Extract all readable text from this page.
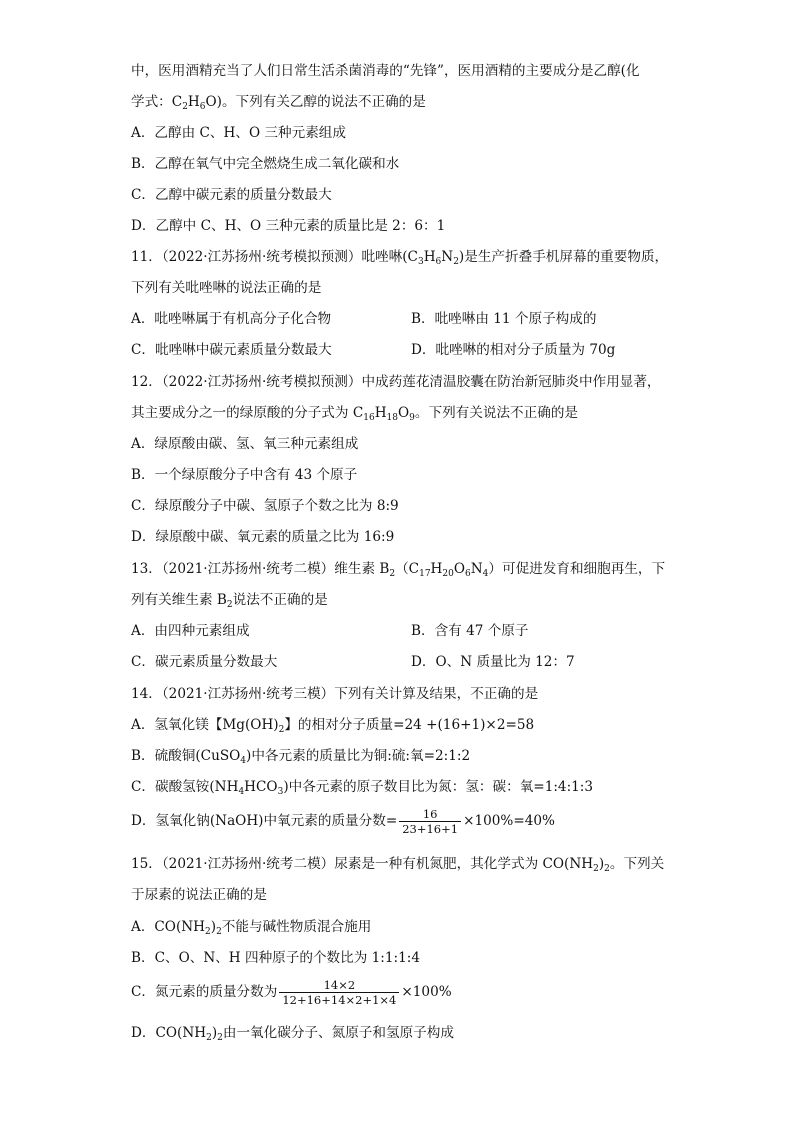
中，医用酒精充当了人们日常生活杀菌消毒的“先锋”，医用酒精的主要成分是乙醇(化
学式：$C_2H_6O$)。下列有关乙醇的说法不正确的是
A．乙醇由 C、H、O 三种元素组成
B．乙醇在氧气中完全燃烧生成二氧化碳和水
C．乙醇中碳元素的质量分数最大
D．乙醇中 C、H、O 三种元素的质量比是 2：6：1
11．（2022·江苏扬州·统考模拟预测）吡唑啉$(C_3H_6N_2)$是生产折叠手机屏幕的重要物质，
下列有关吡唑啉的说法正确的是
A．吡唑啉属于有机高分子化合物	B．吡唑啉由 11 个原子构成的
C．吡唑啉中碳元素质量分数最大	D．吡唑啉的相对分子质量为 70g
12．（2022·江苏扬州·统考模拟预测）中成药莲花清温胶囊在防治新冠肺炎中作用显著，
其主要成分之一的绿原酸的分子式为 $C_{16}H_{18}O_9$。下列有关说法不正确的是
A．绿原酸由碳、氢、氧三种元素组成
B．一个绿原酸分子中含有 43 个原子
C．绿原酸分子中碳、氢原子个数之比为 8:9
D．绿原酸中碳、氧元素的质量之比为 16:9
13．（2021·江苏扬州·统考二模）维生素 $B_2(C_{17}H_{20}O_6N_4)$可促进发育和细胞再生，下
列有关维生素 $B_2$说法不正确的是
A．由四种元素组成	B．含有 47 个原子
C．碳元素质量分数最大	D．O、N 质量比为 12：7
14．（2021·江苏扬州·统考三模）下列有关计算及结果，不正确的是
A．氢氧化镁【$Mg(OH)_2$】的相对分子质量=24 +(16+1)×2=58
B．硫酸铜(CuSO$_4$)中各元素的质量比为铜:硫:氧=2:1:2
C．碳酸氢铵$(NH_4HCO_3)$中各元素的原子数目比为氮：氢：碳：氧=1:4:1:3
D．氢氧化钠(NaOH)中氧元素的质量分数= $\frac{16}{23+16+1} \times 100\%=40\%$
15．（2021·江苏扬州·统考二模）尿素是一种有机氮肥，其化学式为 $CO(NH_2)_2$。下列关
于尿素的说法正确的是
A．$CO(NH_2)_2$不能与碱性物质混合施用
B．C、O、N、H 四种原子的个数比为 1:1:1:4
C．氮元素的质量分数为 $\frac{14\times 2}{12+16+14\times 2+1\times 4} \times 100\%$
D．$CO(NH_2)_2$由一氧化碳分子、氮原子和氢原子构成
